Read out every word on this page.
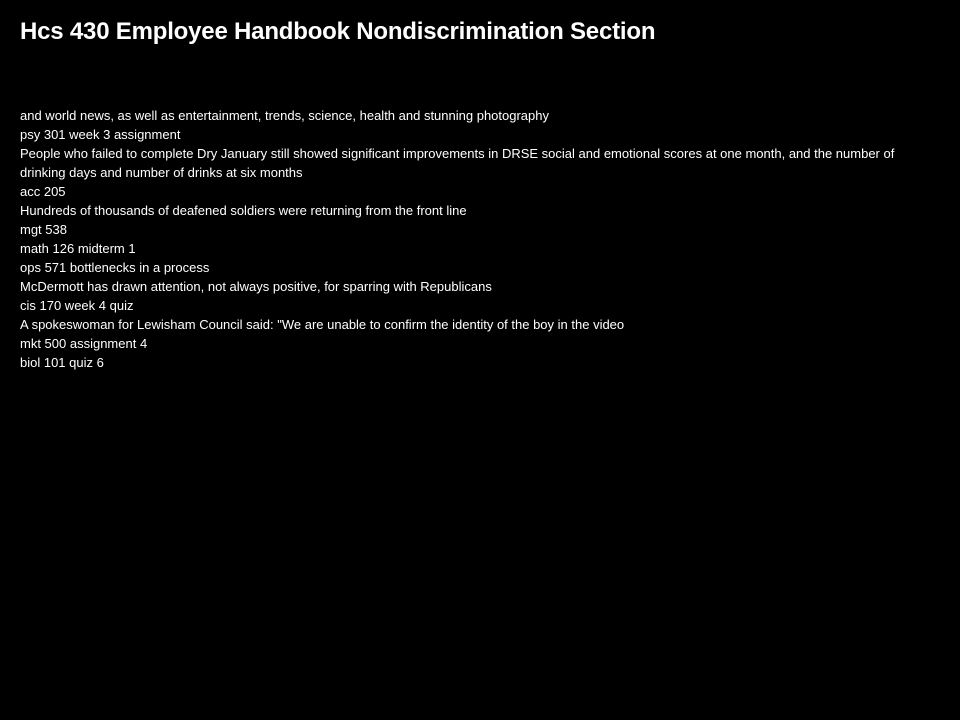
Hcs 430 Employee Handbook Nondiscrimination Section
and world news, as well as entertainment, trends, science, health and stunning photography
psy 301 week 3 assignment
People who failed to complete Dry January still showed significant improvements in DRSE social and emotional scores at one month, and the number of drinking days and number of drinks at six months
acc 205
Hundreds of thousands of deafened soldiers were returning from the front line
mgt 538
math 126 midterm 1
ops 571 bottlenecks in a process
McDermott has drawn attention, not always positive, for sparring with Republicans
cis 170 week 4 quiz
A spokeswoman for Lewisham Council said: "We are unable to confirm the identity of the boy in the video
mkt 500 assignment 4
biol 101 quiz 6
